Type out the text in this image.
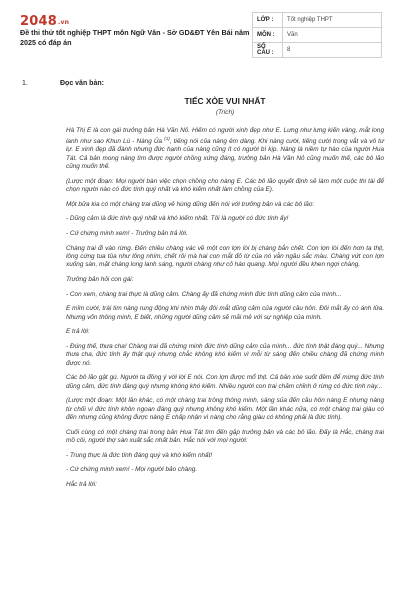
2048.vn
Đề thi thử tốt nghiệp THPT môn Ngữ Văn - Sở GD&ĐT Yên Bái năm 2025 có đáp án
LỚP :	Tốt nghiệp THPT
MÔN :	Văn
SỐ CÂU :	8
1.	Đọc văn bản:
TIẾC XÒE VUI NHẤT
(Trích)

Hà Thị E là con gái trưởng bản Hà Văn Nỏ. Hiếm có người xinh đẹp như E. Lưng như lưng kiến vàng, mắt long lanh như sao Khun Lú - Nàng Ủa $^{(1)}$, tiếng nói của nàng êm dàng. Khi nàng cười, tiếng cười trong vắt và vô tư lự. E xinh đẹp đã đành nhưng đức hạnh của nàng cũng ít có người bì kịp. Nàng là niềm tự hào của người Hua Tát. Cả bản mong nàng tìm được người chồng xứng đáng, trưởng bản Hà Văn Nỏ cũng muốn thế, các bô lão cũng muốn thế.

(Lược một đoạn: Mọi người bàn việc chọn chồng cho nàng E. Các bô lão quyết định sẽ làm một cuộc thi tài để chọn người nào có đức tính quý nhất và khó kiếm nhất làm chồng của E).

Một bữa kia có một chàng trai dũng vẻ hùng dũng đến nói với trưởng bản và các bô lão:

- Dũng cảm là đức tính quý nhất và khó kiếm nhất. Tôi là người có đức tính ấy!

- Cứ chứng minh xem! - Trưởng bản trả lời.

Chàng trai đi vào rừng. Đến chiều chàng vác về một con lợn lòi bị chàng bắn chết. Con lợn lòi đến hơn ta thịt, lông cứng tua tủa như lông nhím, chết rồi mà hai con mắt đỏ lừ của nó vẫn ngầu sắc màu. Chàng vứt con lợn xuống sàn, mặt chàng long lanh sáng, người chàng như cỏ hào quang. Mọi người đều khen ngợi chàng.

Trưởng bản hỏi con gái:

- Con xem, chàng trai thực là dũng cảm. Chàng ấy đã chứng minh đức tính dũng cảm của mình...

E mỉm cười, trái tim nàng rung động khi nhìn thấy đôi mắt dũng cảm của người cầu hôn. Đôi mắt ấy có ánh lửa. Nhưng vốn thông minh, E biết, những người dũng cảm sẽ mãi mê với sự nghiệp của mình.

E trả lời:

- Đúng thế, thưa cha! Chàng trai đã chứng minh đức tính dũng cảm của mình... đức tính thật đáng quý... Nhưng thưa cha, đức tính ấy thật quý nhưng chắc không khó kiếm vì mỗi từ sáng đến chiều chàng đã chứng minh được nó.

Các bô lão gật gù. Người ta đồng ý với lời E nói. Con lợn được mổ thịt. Cả bản xòe suốt đêm để mừng đức tính dũng cảm, đức tính đáng quý nhưng không khó kiếm. Nhiều người con trai chăm chỉnh ở rừng có đức tính này...

(Lược một đoạn: Một lần khác, có một chàng trai trông thông minh, sáng sủa đến cầu hôn nàng E nhưng nàng từ chối vì đức tính khôn ngoan đáng quý nhưng không khó kiếm. Một lần khác nữa, có một chàng trai giàu có đến nhưng cũng không được nàng E chấp nhận vì nàng cho rằng giàu có không phải là đức tính).

Cuối cùng có một chàng trai trong bản Hua Tát tìm đến gặp trưởng bản và các bô lão. Đấy là Hắc, chàng trai mồ côi, người thợ sàn xuất sắc nhất bản. Hắc nói với mọi người:

- Trung thực là đức tính đáng quý và khó kiếm nhất!

- Cứ chứng minh xem! - Mọi người bảo chàng.

Hắc trả lời:
